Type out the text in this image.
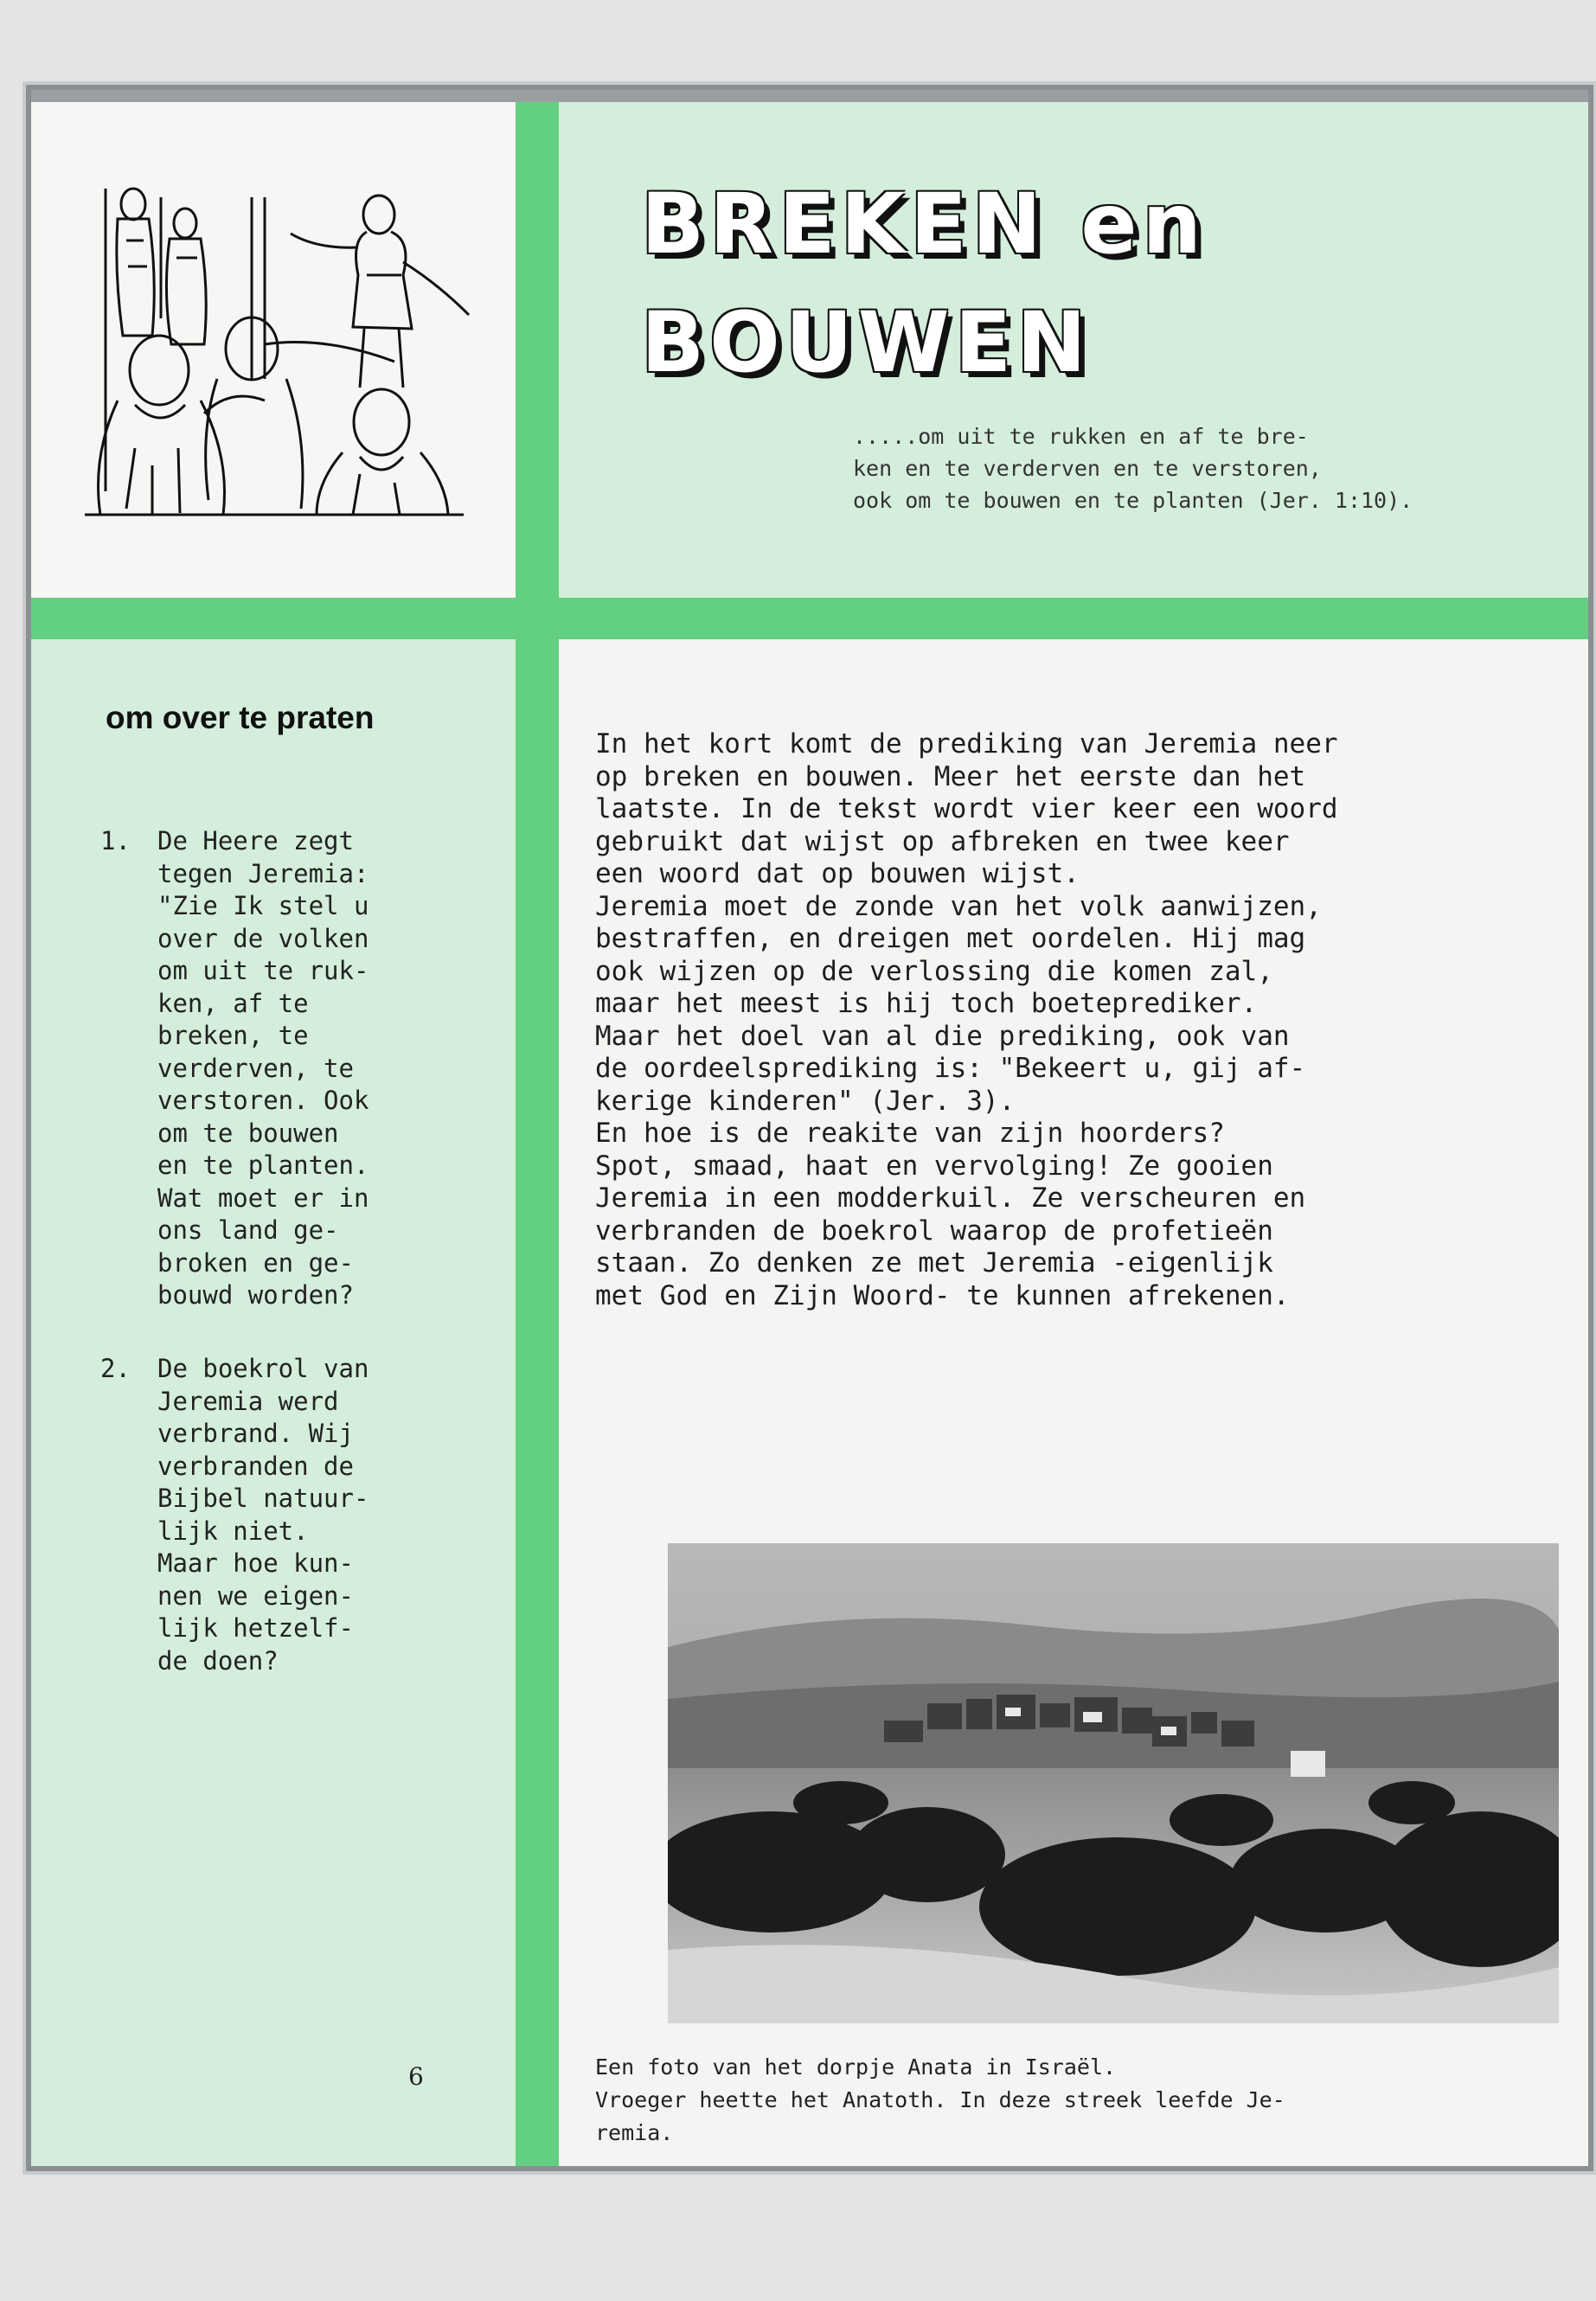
BREKEN en
BOUWEN
.....om uit te rukken en af te bre-
ken en te verderven en te verstoren,
ook om te bouwen en te planten (Jer. 1:10).
om over te praten
1. De Heere zegt
tegen Jeremia:
"Zie Ik stel u
over de volken
om uit te ruk-
ken, af te
breken, te
verderven, te
verstoren. Ook
om te bouwen
en te planten.
Wat moet er in
ons land ge-
broken en ge-
bouwd worden?
2. De boekrol van
Jeremia werd
verbrand. Wij
verbranden de
Bijbel natuur-
lijk niet.
Maar hoe kun-
nen we eigen-
lijk hetzelf-
de doen?
6
In het kort komt de prediking van Jeremia neer
op breken en bouwen. Meer het eerste dan het
laatste. In de tekst wordt vier keer een woord
gebruikt dat wijst op afbreken en twee keer
een woord dat op bouwen wijst.
Jeremia moet de zonde van het volk aanwijzen,
bestraffen, en dreigen met oordelen. Hij mag
ook wijzen op de verlossing die komen zal,
maar het meest is hij toch boeteprediker.
Maar het doel van al die prediking, ook van
de oordeelsprediking is: "Bekeert u, gij af-
kerige kinderen" (Jer. 3).
En hoe is de reakite van zijn hoorders?
Spot, smaad, haat en vervolging! Ze gooien
Jeremia in een modderkuil. Ze verscheuren en
verbranden de boekrol waarop de profetieën
staan. Zo denken ze met Jeremia -eigenlijk
met God en Zijn Woord- te kunnen afrekenen.
Een foto van het dorpje Anata in Israël.
Vroeger heette het Anatoth. In deze streek leefde Je-
remia.
